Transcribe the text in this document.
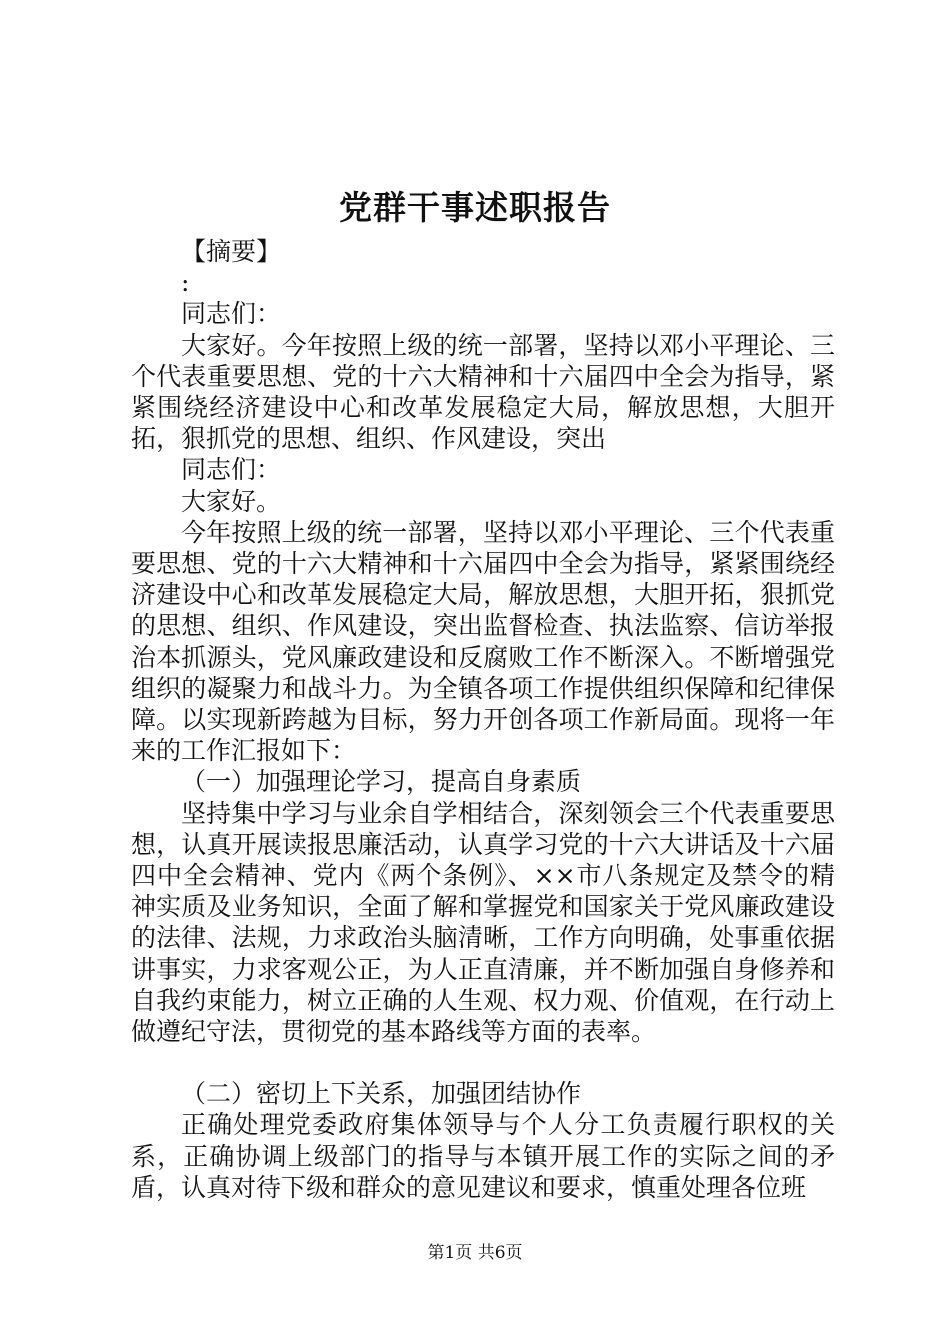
党群干事述职报告

【摘要】

:

同志们：

大家好。今年按照上级的统一部署，坚持以邓小平理论、三个代表重要思想、党的十六大精神和十六届四中全会为指导，紧紧围绕经济建设中心和改革发展稳定大局，解放思想，大胆开拓，狠抓党的思想、组织、作风建设，突出

同志们：

大家好。

今年按照上级的统一部署，坚持以邓小平理论、三个代表重要思想、党的十六大精神和十六届四中全会为指导，紧紧围绕经济建设中心和改革发展稳定大局，解放思想，大胆开拓，狠抓党的思想、组织、作风建设，突出监督检查、执法监察、信访举报治本抓源头，党风廉政建设和反腐败工作不断深入。不断增强党组织的凝聚力和战斗力。为全镇各项工作提供组织保障和纪律保障。以实现新跨越为目标，努力开创各项工作新局面。现将一年来的工作汇报如下：

（一）加强理论学习，提高自身素质

坚持集中学习与业余自学相结合，深刻领会三个代表重要思想，认真开展读报思廉活动，认真学习党的十六大讲话及十六届四中全会精神、党内《两个条例》、××市八条规定及禁令的精神实质及业务知识，全面了解和掌握党和国家关于党风廉政建设的法律、法规，力求政治头脑清晰，工作方向明确，处事重依据讲事实，力求客观公正，为人正直清廉，并不断加强自身修养和自我约束能力，树立正确的人生观、权力观、价值观，在行动上做遵纪守法，贯彻党的基本路线等方面的表率。

（二）密切上下关系，加强团结协作

正确处理党委政府集体领导与个人分工负责履行职权的关系，正确协调上级部门的指导与本镇开展工作的实际之间的矛盾，认真对待下级和群众的意见建议和要求，慎重处理各位班

第1页 共6页
